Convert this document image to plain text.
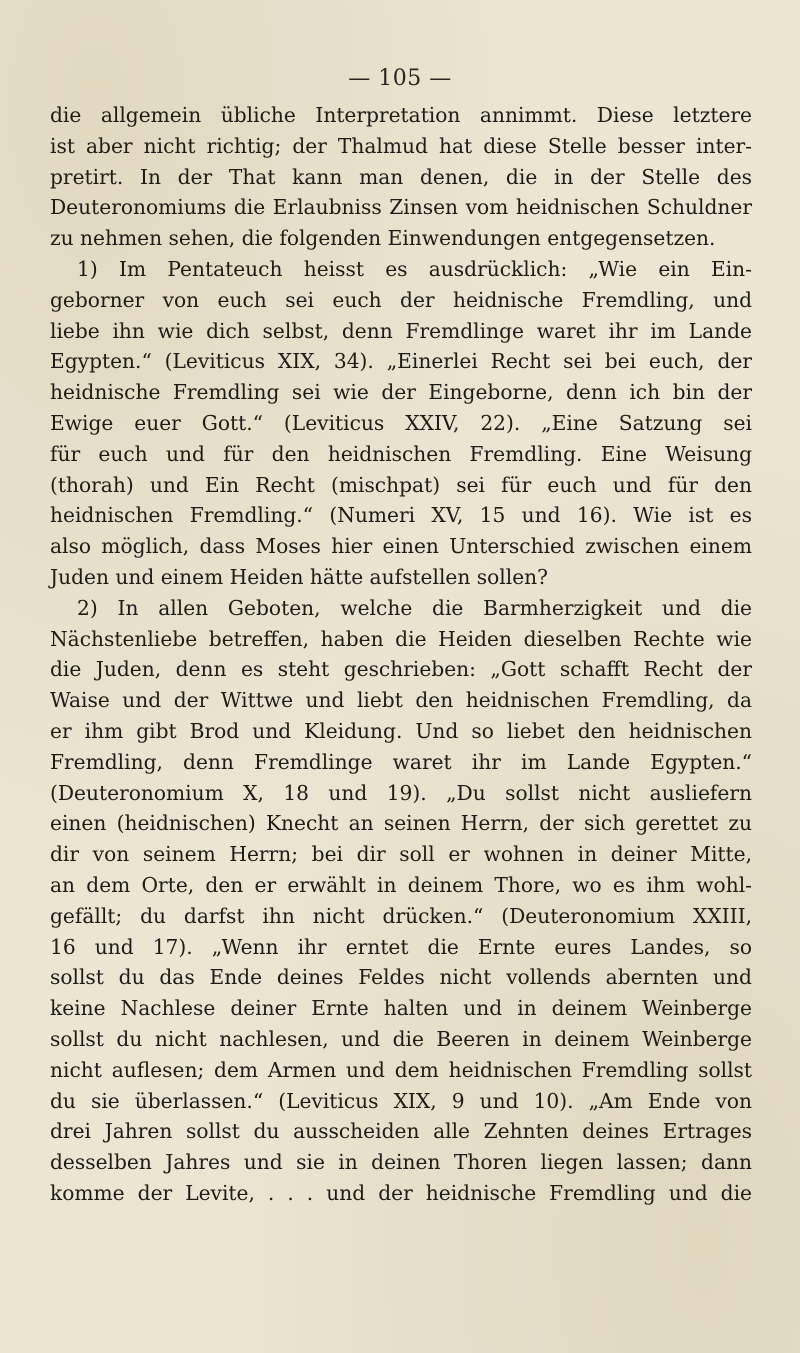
— 105 —
die allgemein übliche Interpretation annimmt. Diese letztere
ist aber nicht richtig; der Thalmud hat diese Stelle besser inter-
pretirt. In der That kann man denen, die in der Stelle des
Deuteronomiums die Erlaubniss Zinsen vom heidnischen Schuldner
zu nehmen sehen, die folgenden Einwendungen entgegensetzen.
1) Im Pentateuch heisst es ausdrücklich: „Wie ein Ein-
geborner von euch sei euch der heidnische Fremdling, und
liebe ihn wie dich selbst, denn Fremdlinge waret ihr im Lande
Egypten.“ (Leviticus XIX, 34). „Einerlei Recht sei bei euch, der
heidnische Fremdling sei wie der Eingeborne, denn ich bin der
Ewige euer Gott.“ (Leviticus XXIV, 22). „Eine Satzung sei
für euch und für den heidnischen Fremdling. Eine Weisung
(thorah) und Ein Recht (mischpat) sei für euch und für den
heidnischen Fremdling.“ (Numeri XV, 15 und 16). Wie ist es
also möglich, dass Moses hier einen Unterschied zwischen einem
Juden und einem Heiden hätte aufstellen sollen?
2) In allen Geboten, welche die Barmherzigkeit und die
Nächstenliebe betreffen, haben die Heiden dieselben Rechte wie
die Juden, denn es steht geschrieben: „Gott schafft Recht der
Waise und der Wittwe und liebt den heidnischen Fremdling, da
er ihm gibt Brod und Kleidung. Und so liebet den heidnischen
Fremdling, denn Fremdlinge waret ihr im Lande Egypten.“
(Deuteronomium X, 18 und 19). „Du sollst nicht ausliefern
einen (heidnischen) Knecht an seinen Herrn, der sich gerettet zu
dir von seinem Herrn; bei dir soll er wohnen in deiner Mitte,
an dem Orte, den er erwählt in deinem Thore, wo es ihm wohl-
gefällt; du darfst ihn nicht drücken.“ (Deuteronomium XXIII,
16 und 17). „Wenn ihr erntet die Ernte eures Landes, so
sollst du das Ende deines Feldes nicht vollends abernten und
keine Nachlese deiner Ernte halten und in deinem Weinberge
sollst du nicht nachlesen, und die Beeren in deinem Weinberge
nicht auflesen; dem Armen und dem heidnischen Fremdling sollst
du sie überlassen.“ (Leviticus XIX, 9 und 10). „Am Ende von
drei Jahren sollst du ausscheiden alle Zehnten deines Ertrages
desselben Jahres und sie in deinen Thoren liegen lassen; dann
komme der Levite, . . . und der heidnische Fremdling und die
